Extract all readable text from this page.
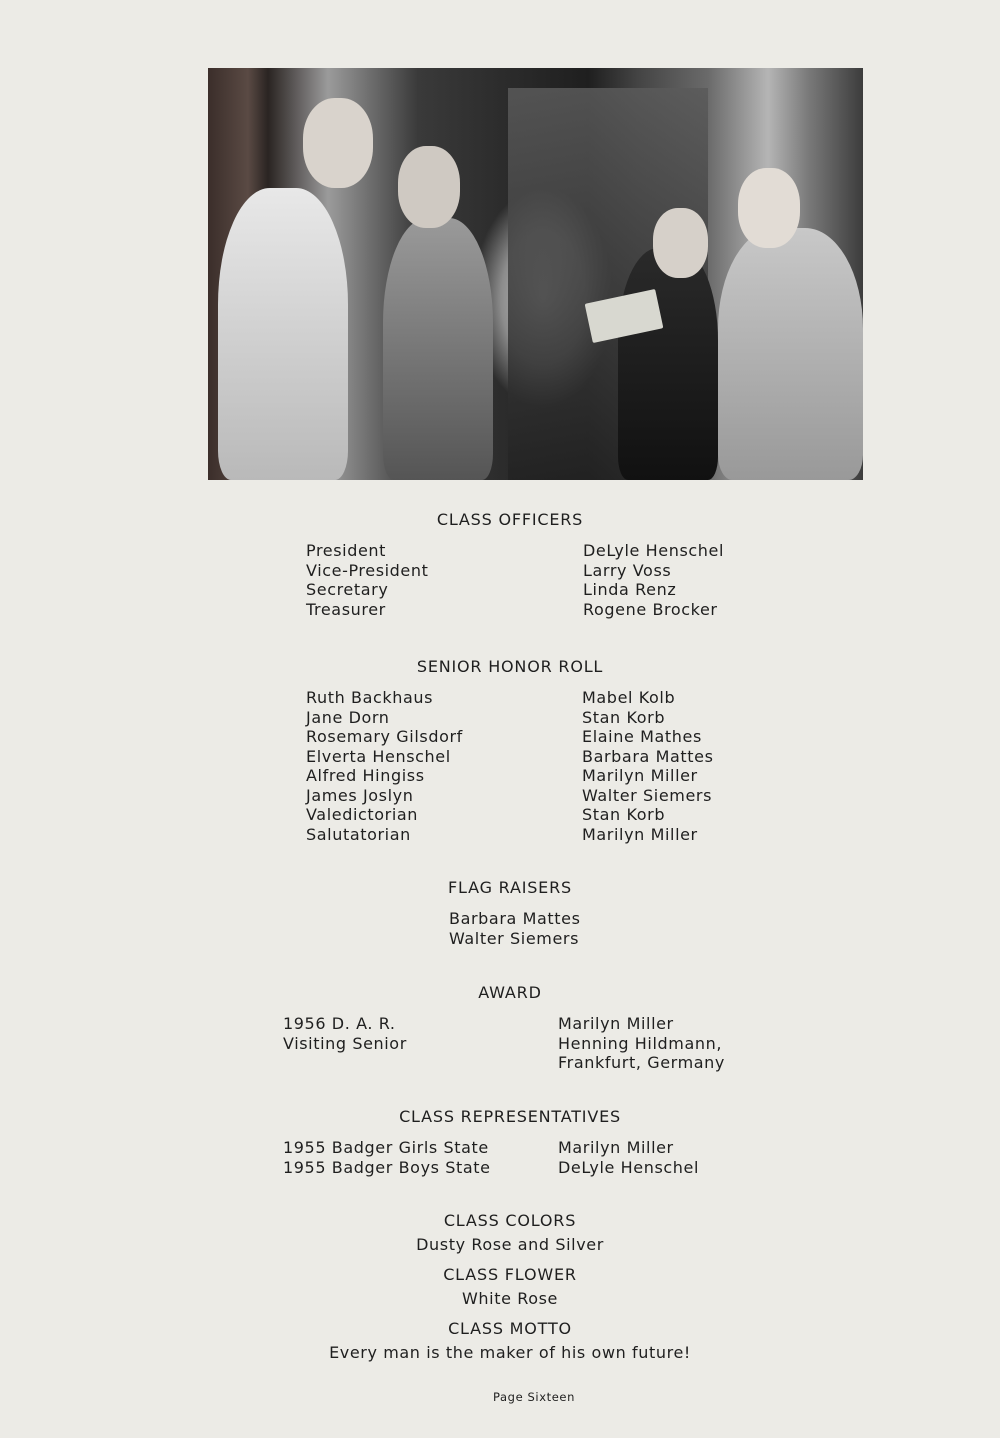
CLASS OFFICERS
President
Vice-President
Secretary
Treasurer
DeLyle Henschel
Larry Voss
Linda Renz
Rogene Brocker
SENIOR HONOR ROLL
Ruth Backhaus
Jane Dorn
Rosemary Gilsdorf
Elverta Henschel
Alfred Hingiss
James Joslyn
Valedictorian
Salutatorian
Mabel Kolb
Stan Korb
Elaine Mathes
Barbara Mattes
Marilyn Miller
Walter Siemers
Stan Korb
Marilyn Miller
FLAG RAISERS
Barbara Mattes
Walter Siemers
AWARD
1956 D. A. R.
Visiting Senior
Marilyn Miller
Henning Hildmann,
Frankfurt, Germany
CLASS REPRESENTATIVES
1955 Badger Girls State
1955 Badger Boys State
Marilyn Miller
DeLyle Henschel
CLASS COLORS
Dusty Rose and Silver
CLASS FLOWER
White Rose
CLASS MOTTO
Every man is the maker of his own future!
Page Sixteen
